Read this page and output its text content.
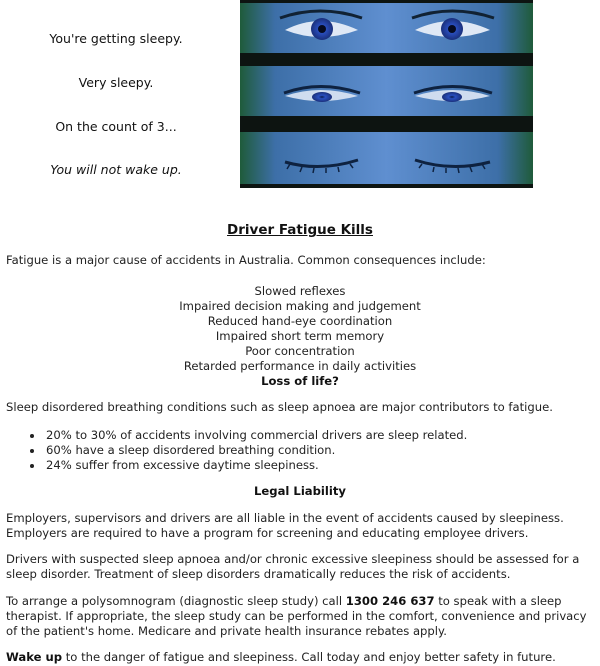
You're getting sleepy.
Very sleepy.
On the count of 3...
You will not wake up.
Driver Fatigue Kills

Fatigue is a major cause of accidents in Australia. Common consequences include:

Slowed reflexes
Impaired decision making and judgement
Reduced hand-eye coordination
Impaired short term memory
Poor concentration
Retarded performance in daily activities
Loss of life?

Sleep disordered breathing conditions such as sleep apnoea are major contributors to fatigue.

• 20% to 30% of accidents involving commercial drivers are sleep related.
• 60% have a sleep disordered breathing condition.
• 24% suffer from excessive daytime sleepiness.
Legal Liability

Employers, supervisors and drivers are all liable in the event of accidents caused by sleepiness. Employers are required to have a program for screening and educating employee drivers.

Drivers with suspected sleep apnoea and/or chronic excessive sleepiness should be assessed for a sleep disorder. Treatment of sleep disorders dramatically reduces the risk of accidents.

To arrange a polysomnogram (diagnostic sleep study) call 1300 246 637 to speak with a sleep therapist. If appropriate, the sleep study can be performed in the comfort, convenience and privacy of the patient's home. Medicare and private health insurance rebates apply.

Wake up to the danger of fatigue and sleepiness. Call today and enjoy better safety in future.
